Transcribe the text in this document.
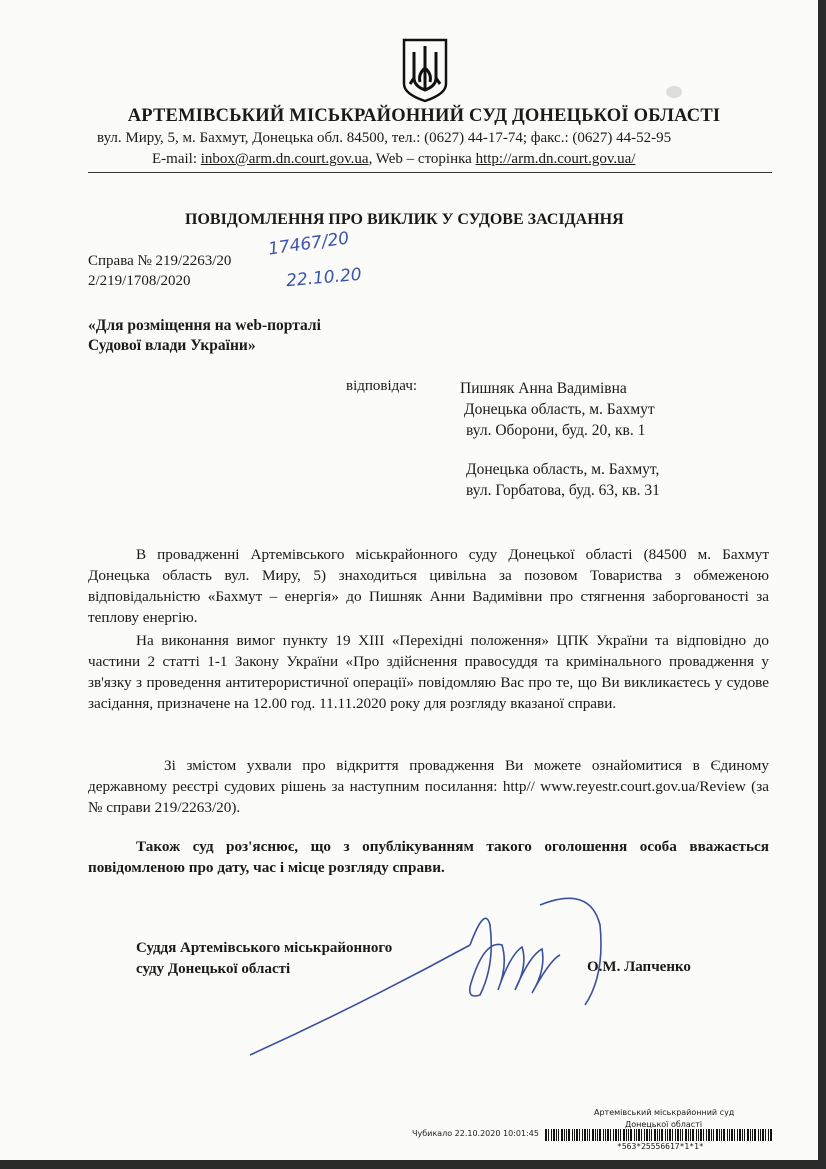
АРТЕМІВСЬКИЙ МІСЬКРАЙОННИЙ СУД ДОНЕЦЬКОЇ ОБЛАСТІ
вул. Миру, 5, м. Бахмут, Донецька обл. 84500, тел.: (0627) 44-17-74; факс.: (0627) 44-52-95
E-mail: inbox@arm.dn.court.gov.ua, Web – сторінка http://arm.dn.court.gov.ua/
ПОВІДОМЛЕННЯ ПРО ВИКЛИК У СУДОВЕ ЗАСІДАННЯ
Справа № 219/2263/20
2/219/1708/2020
17467/20
22.10.20
«Для розміщення на web-порталі
Судової влади України»
відповідач:	Пишняк Анна Вадимівна
Донецька область, м. Бахмут
вул. Оборони, буд. 20, кв. 1
Донецька область, м. Бахмут,
вул. Горбатова, буд. 63, кв. 31
В провадженні Артемівського міськрайонного суду Донецької області (84500 м. Бахмут Донецька область вул. Миру, 5) знаходиться цивільна за позовом Товариства з обмеженою відповідальністю «Бахмут – енергія» до Пишняк Анни Вадимівни про стягнення заборгованості за теплову енергію.
На виконання вимог пункту 19 ХІІІ «Перехідні положення» ЦПК України та відповідно до частини 2 статті 1-1 Закону України «Про здійснення правосуддя та кримінального провадження у зв'язку з проведення антитерористичної операції» повідомляю Вас про те, що Ви викликаєтесь у судове засідання, призначене на 12.00 год. 11.11.2020 року для розгляду вказаної справи.
Зі змістом ухвали про відкриття провадження Ви можете ознайомитися в Єдиному державному реєстрі судових рішень за наступним посилання: http// www.reyestr.court.gov.ua/Review (за № справи 219/2263/20).
Також суд роз'яснює, що з опублікуванням такого оголошення особа вважається повідомленою про дату, час і місце розгляду справи.
Суддя Артемівського міськрайонного
суду Донецької області	О.М. Лапченко
Артемівський міськрайонний суд
Донецької області
Чубикало 22.10.2020 10:01:45
*563*25556617*1*1*
